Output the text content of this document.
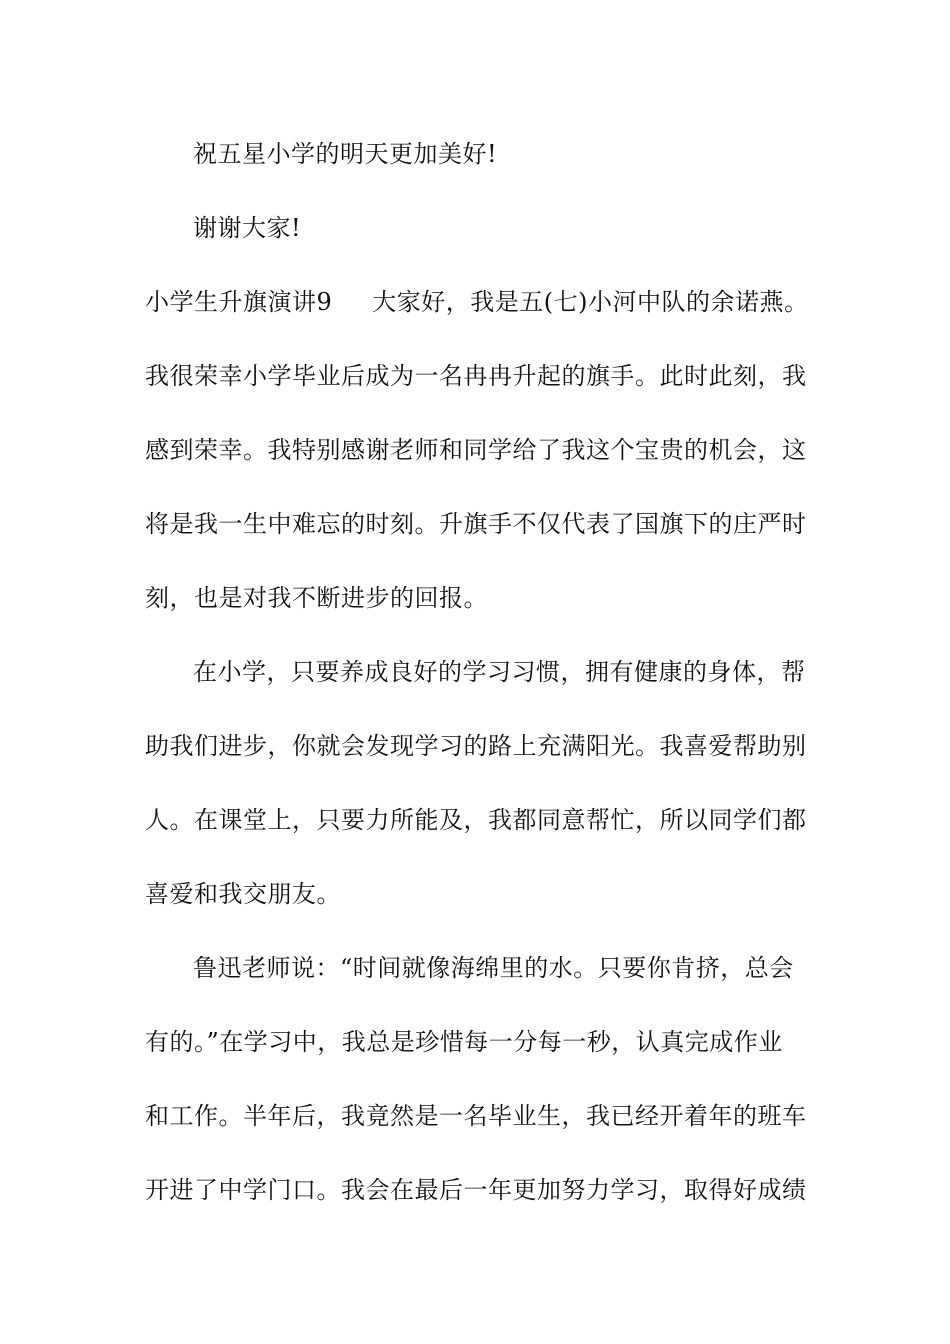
祝五星小学的明天更加美好!
谢谢大家!
小学生升旗演讲9 大家好，我是五(七)小河中队的余诺燕。
我很荣幸小学毕业后成为一名冉冉升起的旗手。此时此刻，我
感到荣幸。我特别感谢老师和同学给了我这个宝贵的机会，这
将是我一生中难忘的时刻。升旗手不仅代表了国旗下的庄严时
刻，也是对我不断进步的回报。
在小学，只要养成良好的学习习惯，拥有健康的身体，帮
助我们进步，你就会发现学习的路上充满阳光。我喜爱帮助别
人。在课堂上，只要力所能及，我都同意帮忙，所以同学们都
喜爱和我交朋友。
鲁迅老师说：“时间就像海绵里的水。只要你肯挤，总会
有的。”在学习中，我总是珍惜每一分每一秒，认真完成作业
和工作。半年后，我竟然是一名毕业生，我已经开着年的班车
开进了中学门口。我会在最后一年更加努力学习，取得好成绩
